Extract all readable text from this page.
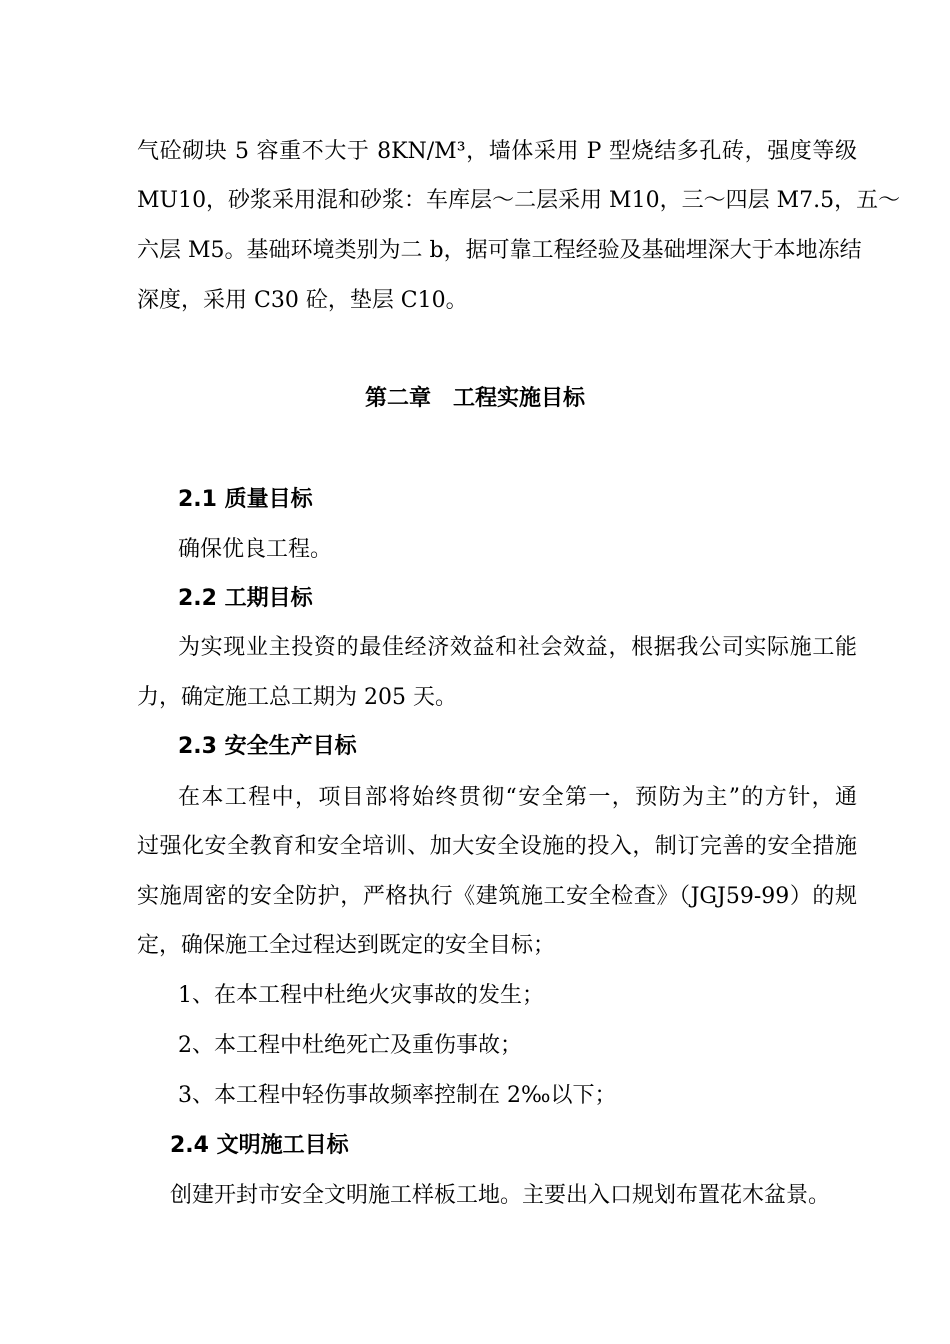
气砼砌块 5 容重不大于 8KN/M³，墙体采用 P 型烧结多孔砖，强度等级
MU10，砂浆采用混和砂浆：车库层～二层采用 M10，三～四层 M7.5，五～
六层 M5。基础环境类别为二 b，据可靠工程经验及基础埋深大于本地冻结
深度，采用 C30 砼，垫层 C10。
第二章　工程实施目标
2.1 质量目标
确保优良工程。
2.2 工期目标
为实现业主投资的最佳经济效益和社会效益，根据我公司实际施工能
力，确定施工总工期为 205 天。
2.3 安全生产目标
在本工程中，项目部将始终贯彻“安全第一，预防为主”的方针，通
过强化安全教育和安全培训、加大安全设施的投入，制订完善的安全措施
实施周密的安全防护，严格执行《建筑施工安全检查》（JGJ59-99）的规
定，确保施工全过程达到既定的安全目标；
1、在本工程中杜绝火灾事故的发生；
2、本工程中杜绝死亡及重伤事故；
3、本工程中轻伤事故频率控制在 2‰以下；
2.4 文明施工目标
创建开封市安全文明施工样板工地。主要出入口规划布置花木盆景。
